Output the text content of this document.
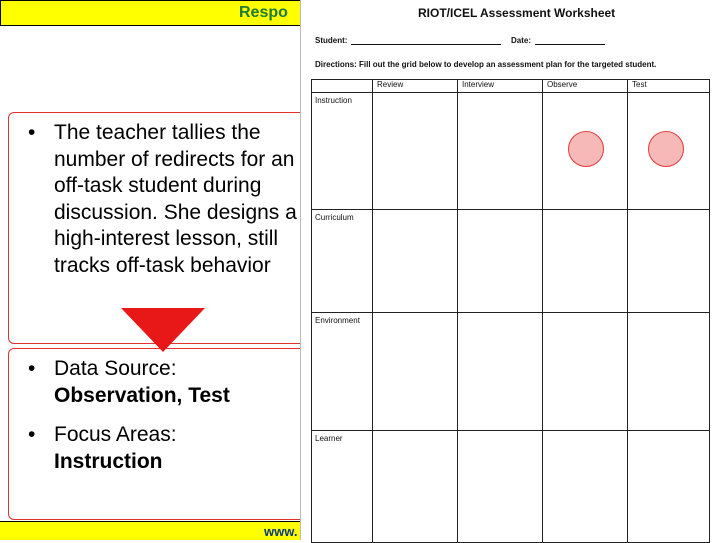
Respo
• The teacher tallies the number of redirects for an off-task student during discussion. She designs a high-interest lesson, still tracks off-task behavior
• Data Source:
Observation, Test
• Focus Areas:
Instruction
www.
RIOT/ICEL Assessment Worksheet
Student:	Date:
Directions: Fill out the grid below to develop an assessment plan for the targeted student.
	Review	Interview	Observe	Test
Instruction				
Curriculum				
Environment				
Learner				
